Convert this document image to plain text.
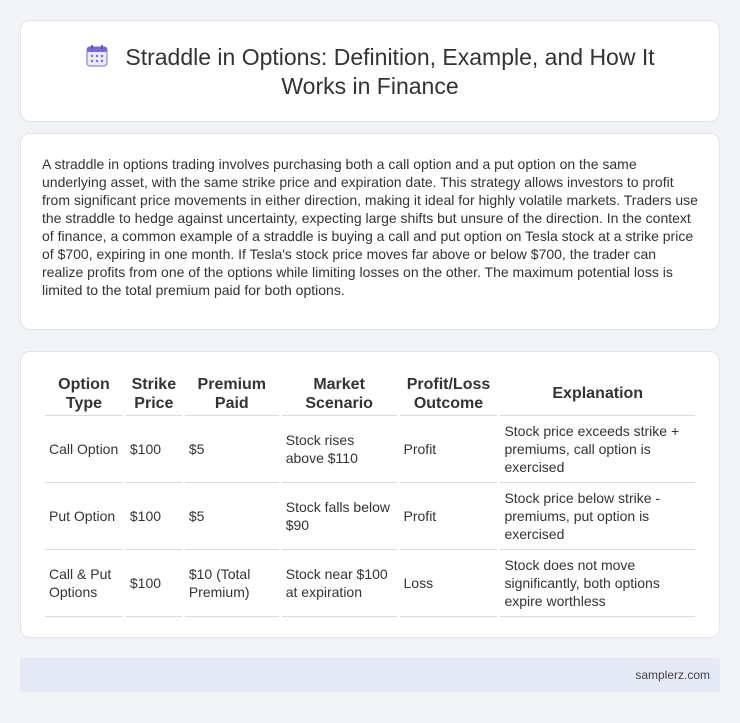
Straddle in Options: Definition, Example, and How It Works in Finance

A straddle in options trading involves purchasing both a call option and a put option on the same underlying asset, with the same strike price and expiration date. This strategy allows investors to profit from significant price movements in either direction, making it ideal for highly volatile markets. Traders use the straddle to hedge against uncertainty, expecting large shifts but unsure of the direction. In the context of finance, a common example of a straddle is buying a call and put option on Tesla stock at a strike price of $700, expiring in one month. If Tesla's stock price moves far above or below $700, the trader can realize profits from one of the options while limiting losses on the other. The maximum potential loss is limited to the total premium paid for both options.

Option Type	Strike Price	Premium Paid	Market Scenario	Profit/Loss Outcome	Explanation
Call Option	$100	$5	Stock rises above $110	Profit	Stock price exceeds strike + premiums, call option is exercised
Put Option	$100	$5	Stock falls below $90	Profit	Stock price below strike - premiums, put option is exercised
Call & Put Options	$100	$10 (Total Premium)	Stock near $100 at expiration	Loss	Stock does not move significantly, both options expire worthless
samplerz.com
